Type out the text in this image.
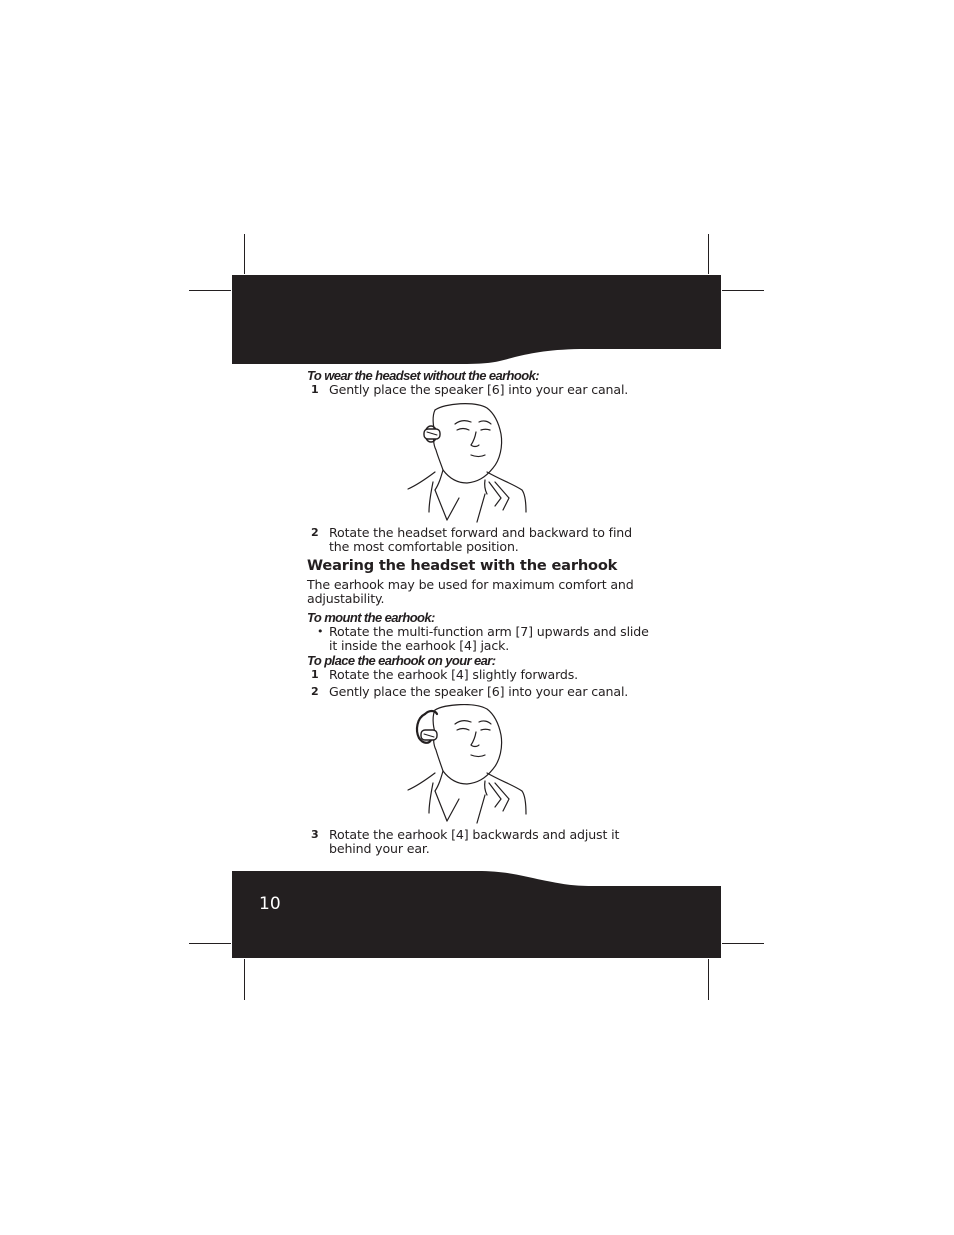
10
To wear the headset without the earhook:
1 Gently place the speaker [6] into your ear canal.
2 Rotate the headset forward and backward to find the most comfortable position.
Wearing the headset with the earhook
The earhook may be used for maximum comfort and adjustability.
To mount the earhook:
• Rotate the multi-function arm [7] upwards and slide it inside the earhook [4] jack.
To place the earhook on your ear:
1 Rotate the earhook [4] slightly forwards.
2 Gently place the speaker [6] into your ear canal.
3 Rotate the earhook [4] backwards and adjust it behind your ear.
